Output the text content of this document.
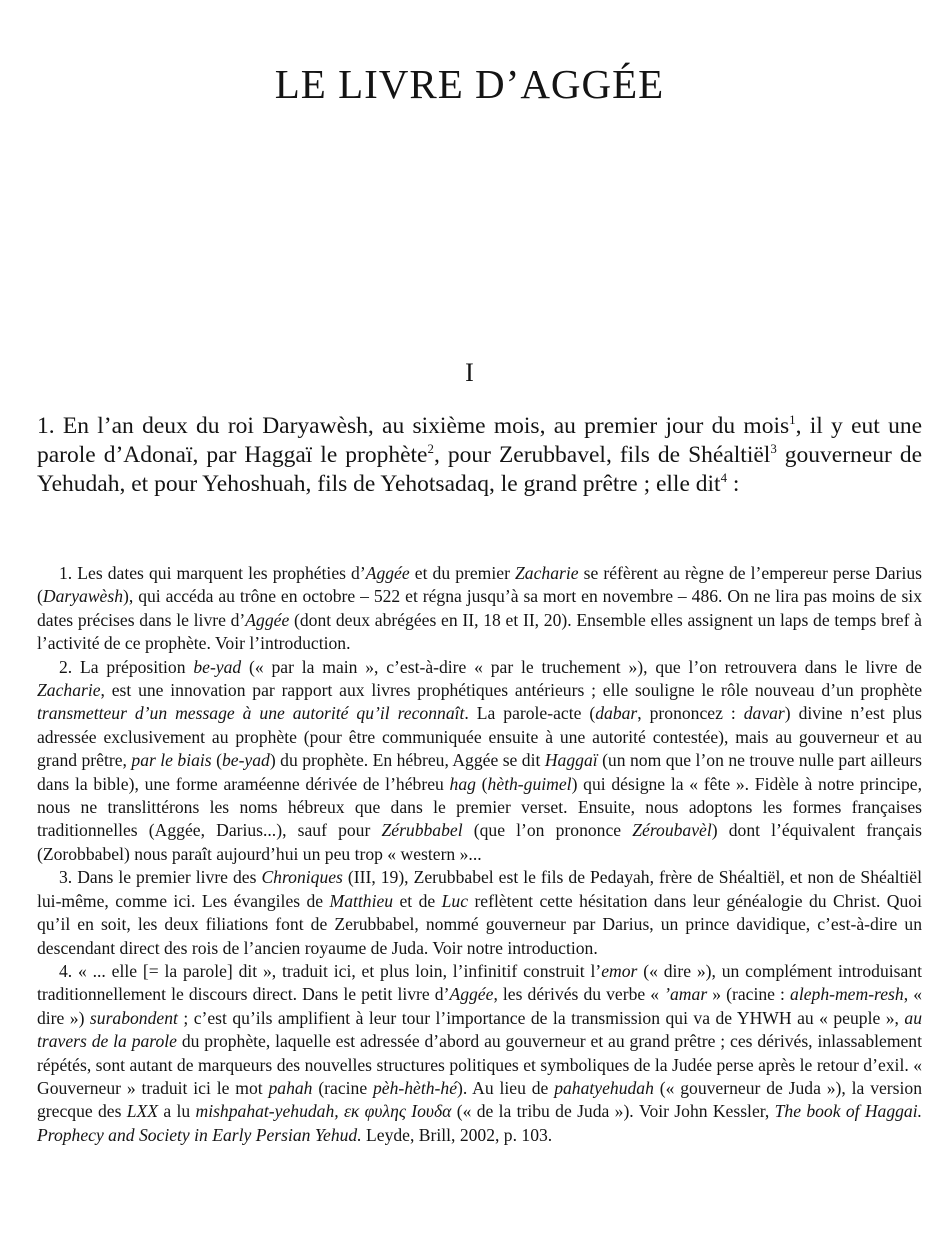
LE LIVRE D’AGGÉE
I

1. En l’an deux du roi Daryawèsh, au sixième mois, au premier jour du mois$^1$, il y eut une parole d’Adonaï, par Haggaï le prophète$^2$, pour Zerubbavel, fils de Shéaltiël$^3$ gouverneur de Yehudah, et pour Yehoshuah, fils de Yehotsadaq, le grand prêtre ; elle dit$^4$ :

1. Les dates qui marquent les prophéties d’Aggée et du premier Zacharie se réfèrent au règne de l’empereur perse Darius (Daryawèsh), qui accéda au trône en octobre – 522 et régna jusqu’à sa mort en novembre – 486. On ne lira pas moins de six dates précises dans le livre d’Aggée (dont deux abrégées en II, 18 et II, 20). Ensemble elles assignent un laps de temps bref à l’activité de ce prophète. Voir l’introduction.

2. La préposition be-yad (« par la main », c’est-à-dire « par le truchement »), que l’on retrouvera dans le livre de Zacharie, est une innovation par rapport aux livres prophétiques antérieurs ; elle souligne le rôle nouveau d’un prophète transmetteur d’un message à une autorité qu’il reconnaît. La parole-acte (dabar, prononcez : davar) divine n’est plus adressée exclusivement au prophète (pour être communiquée ensuite à une autorité contestée), mais au gouverneur et au grand prêtre, par le biais (be-yad) du prophète. En hébreu, Aggée se dit Haggaï (un nom que l’on ne trouve nulle part ailleurs dans la bible), une forme araméenne dérivée de l’hébreu hag (hèth-guimel) qui désigne la « fête ». Fidèle à notre principe, nous ne translittérons les noms hébreux que dans le premier verset. Ensuite, nous adoptons les formes françaises traditionnelles (Aggée, Darius...), sauf pour Zérubbabel (que l’on prononce Zéroubavèl) dont l’équivalent français (Zorobbabel) nous paraît aujourd’hui un peu trop « western »...

3. Dans le premier livre des Chroniques (III, 19), Zerubbabel est le fils de Pedayah, frère de Shéaltiël, et non de Shéaltiël lui-même, comme ici. Les évangiles de Matthieu et de Luc reflètent cette hésitation dans leur généalogie du Christ. Quoi qu’il en soit, les deux filiations font de Zerubbabel, nommé gouverneur par Darius, un prince davidique, c’est-à-dire un descendant direct des rois de l’ancien royaume de Juda. Voir notre introduction.

4. « ... elle [= la parole] dit », traduit ici, et plus loin, l’infinitif construit l’emor (« dire »), un complément introduisant traditionnellement le discours direct. Dans le petit livre d’Aggée, les dérivés du verbe « ’amar » (racine : aleph-mem-resh, « dire ») surabondent ; c’est qu’ils amplifient à leur tour l’importance de la transmission qui va de YHWH au « peuple », au travers de la parole du prophète, laquelle est adressée d’abord au gouverneur et au grand prêtre ; ces dérivés, inlassablement répétés, sont autant de marqueurs des nouvelles structures politiques et symboliques de la Judée perse après le retour d’exil. « Gouverneur » traduit ici le mot pahah (racine pèh-hèth-hé). Au lieu de pahatyehudah (« gouverneur de Juda »), la version grecque des LXX a lu mishpahat-yehudah, εκ φυλης Ιουδα (« de la tribu de Juda »). Voir John Kessler, The book of Haggai. Prophecy and Society in Early Persian Yehud. Leyde, Brill, 2002, p. 103.
